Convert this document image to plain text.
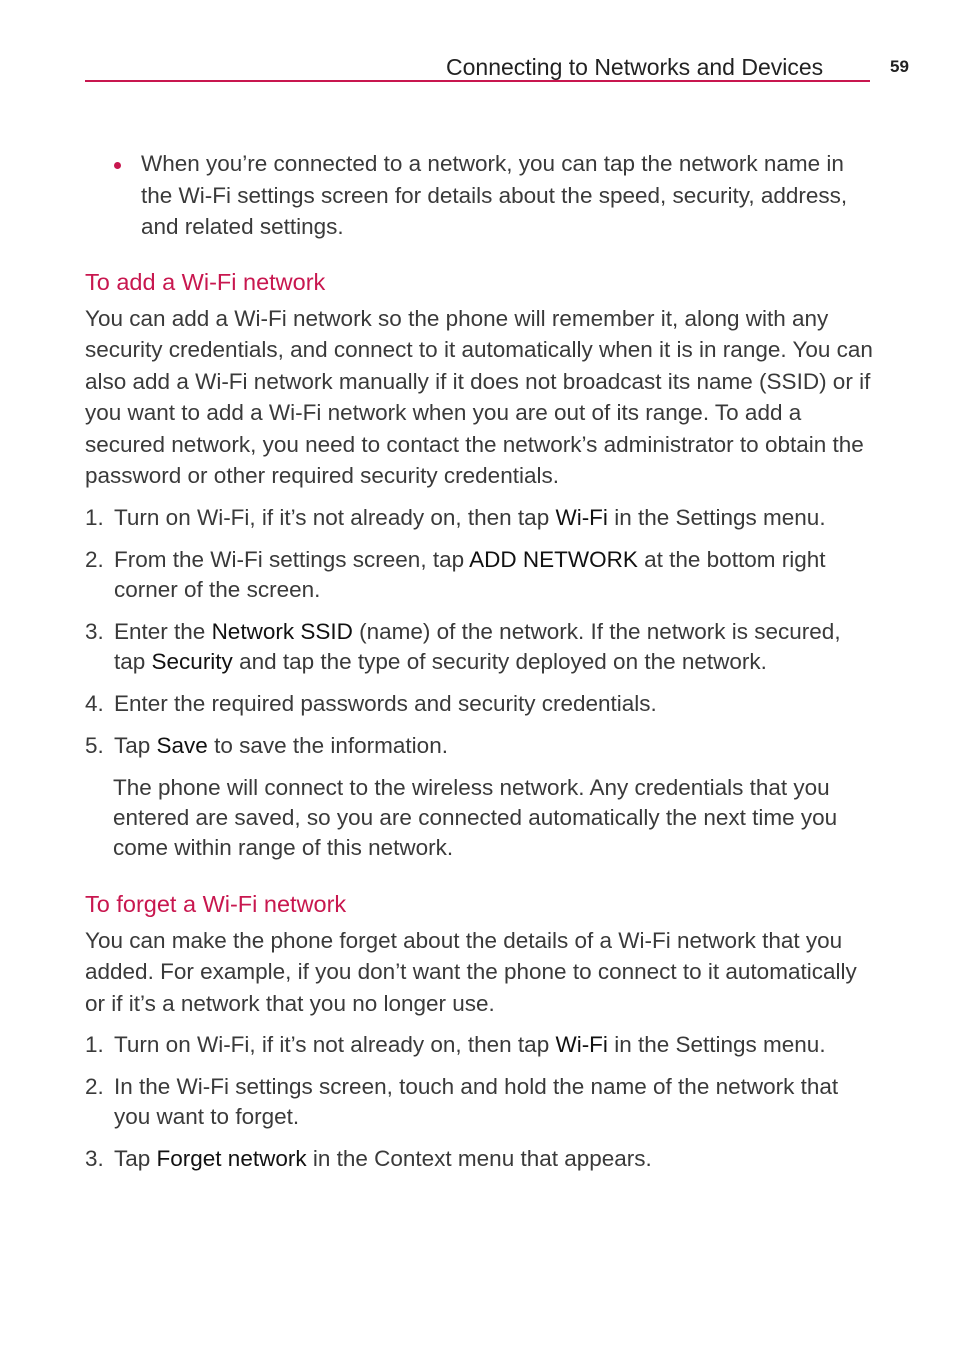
Connecting to Networks and Devices	59
When you’re connected to a network, you can tap the network name in the Wi-Fi settings screen for details about the speed, security, address, and related settings.
To add a Wi-Fi network

You can add a Wi-Fi network so the phone will remember it, along with any security credentials, and connect to it automatically when it is in range. You can also add a Wi-Fi network manually if it does not broadcast its name (SSID) or if you want to add a Wi-Fi network when you are out of its range. To add a secured network, you need to contact the network’s administrator to obtain the password or other required security credentials.

1. Turn on Wi-Fi, if it’s not already on, then tap Wi-Fi in the Settings menu.
2. From the Wi-Fi settings screen, tap ADD NETWORK at the bottom right corner of the screen.
3. Enter the Network SSID (name) of the network. If the network is secured, tap Security and tap the type of security deployed on the network.
4. Enter the required passwords and security credentials.
5. Tap Save to save the information.

The phone will connect to the wireless network. Any credentials that you entered are saved, so you are connected automatically the next time you come within range of this network.

To forget a Wi-Fi network

You can make the phone forget about the details of a Wi-Fi network that you added. For example, if you don’t want the phone to connect to it automatically or if it’s a network that you no longer use.

1. Turn on Wi-Fi, if it’s not already on, then tap Wi-Fi in the Settings menu.
2. In the Wi-Fi settings screen, touch and hold the name of the network that you want to forget.
3. Tap Forget network in the Context menu that appears.
